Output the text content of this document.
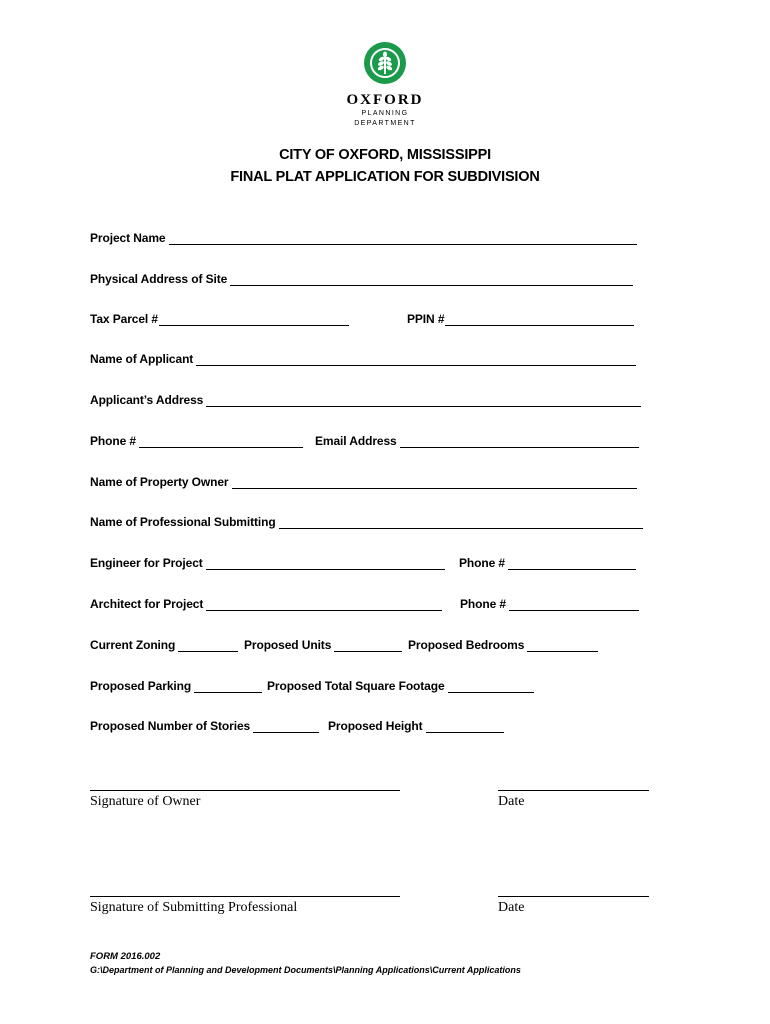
OXFORD
PLANNING
DEPARTMENT
CITY OF OXFORD, MISSISSIPPI
FINAL PLAT APPLICATION FOR SUBDIVISION
Project Name
Physical Address of Site
Tax Parcel #	PPIN #
Name of Applicant
Applicant’s Address
Phone #	Email Address
Name of Property Owner
Name of Professional Submitting
Engineer for Project	Phone #
Architect for Project	Phone #
Current Zoning	Proposed Units	Proposed Bedrooms
Proposed Parking	Proposed Total Square Footage
Proposed Number of Stories	Proposed Height
Signature of Owner	Date
Signature of Submitting Professional	Date
FORM 2016.002
G:\Department of Planning and Development Documents\Planning Applications\Current Applications
